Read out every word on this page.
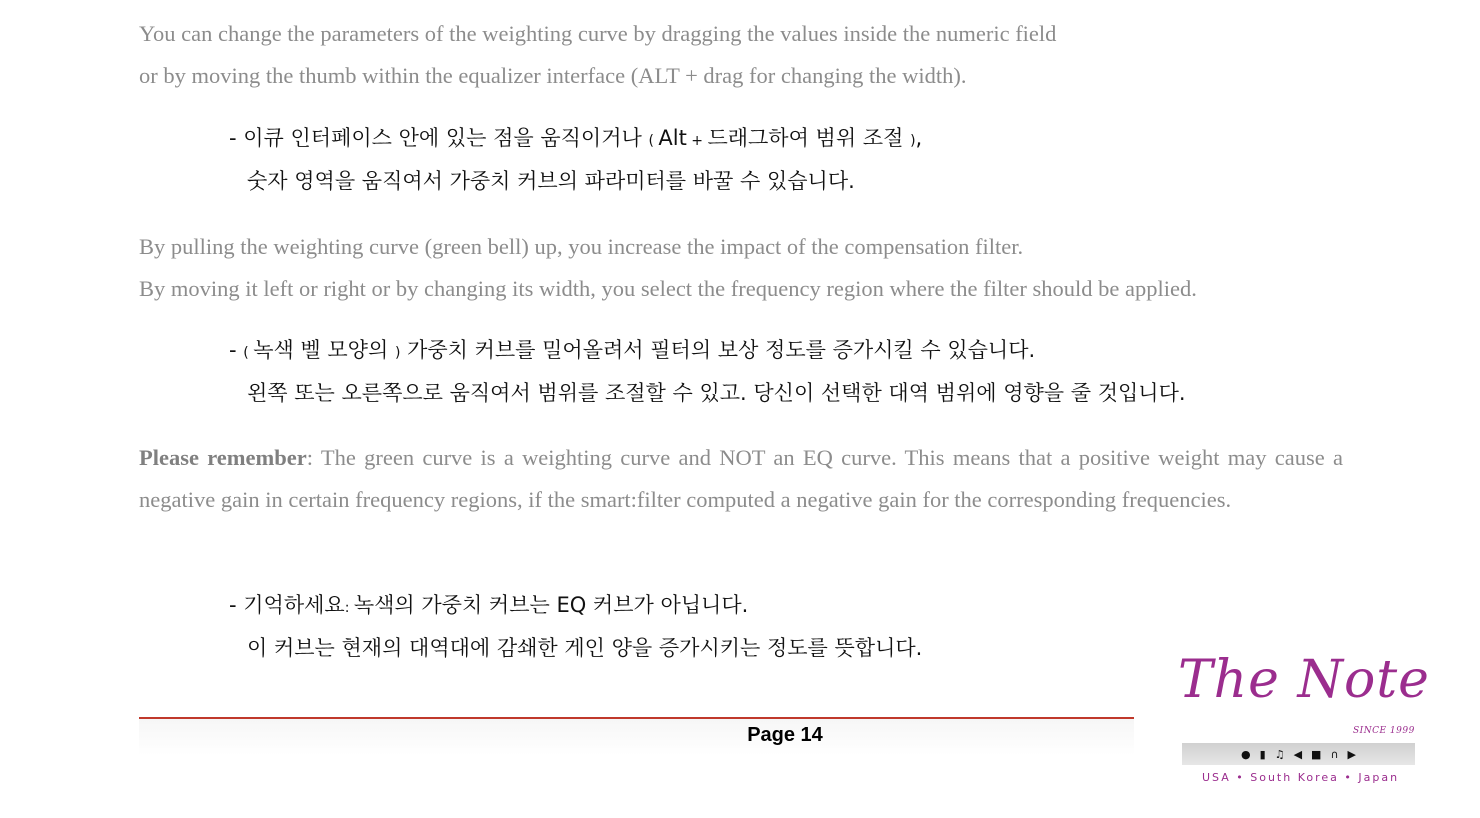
You can change the parameters of the weighting curve by dragging the values inside the numeric field

or by moving the thumb within the equalizer interface (ALT + drag for changing the width).

- 이큐 인터페이스 안에 있는 점을 움직이거나 ( Alt + 드래그하여 범위 조절 ),

숫자 영역을 움직여서 가중치 커브의 파라미터를 바꿀 수 있습니다.

By pulling the weighting curve (green bell) up, you increase the impact of the compensation filter.

By moving it left or right or by changing its width, you select the frequency region where the filter should be applied.

- ( 녹색 벨 모양의 ) 가중치 커브를 밀어올려서 필터의 보상 정도를 증가시킬 수 있습니다.

왼쪽 또는 오른쪽으로 움직여서 범위를 조절할 수 있고. 당신이 선택한 대역 범위에 영향을 줄 것입니다.

Please remember: The green curve is a weighting curve and NOT an EQ curve. This means that a positive weight may cause a negative gain in certain frequency regions, if the smart:filter computed a negative gain for the corresponding frequencies.

- 기억하세요: 녹색의 가중치 커브는 EQ 커브가 아닙니다.

이 커브는 현재의 대역대에 감쇄한 게인 양을 증가시키는 정도를 뜻합니다.

Page 14
The Note
SINCE 1999
● ▮ ♫ ◀ ■ ∩ ▶
USA • South Korea • Japan
